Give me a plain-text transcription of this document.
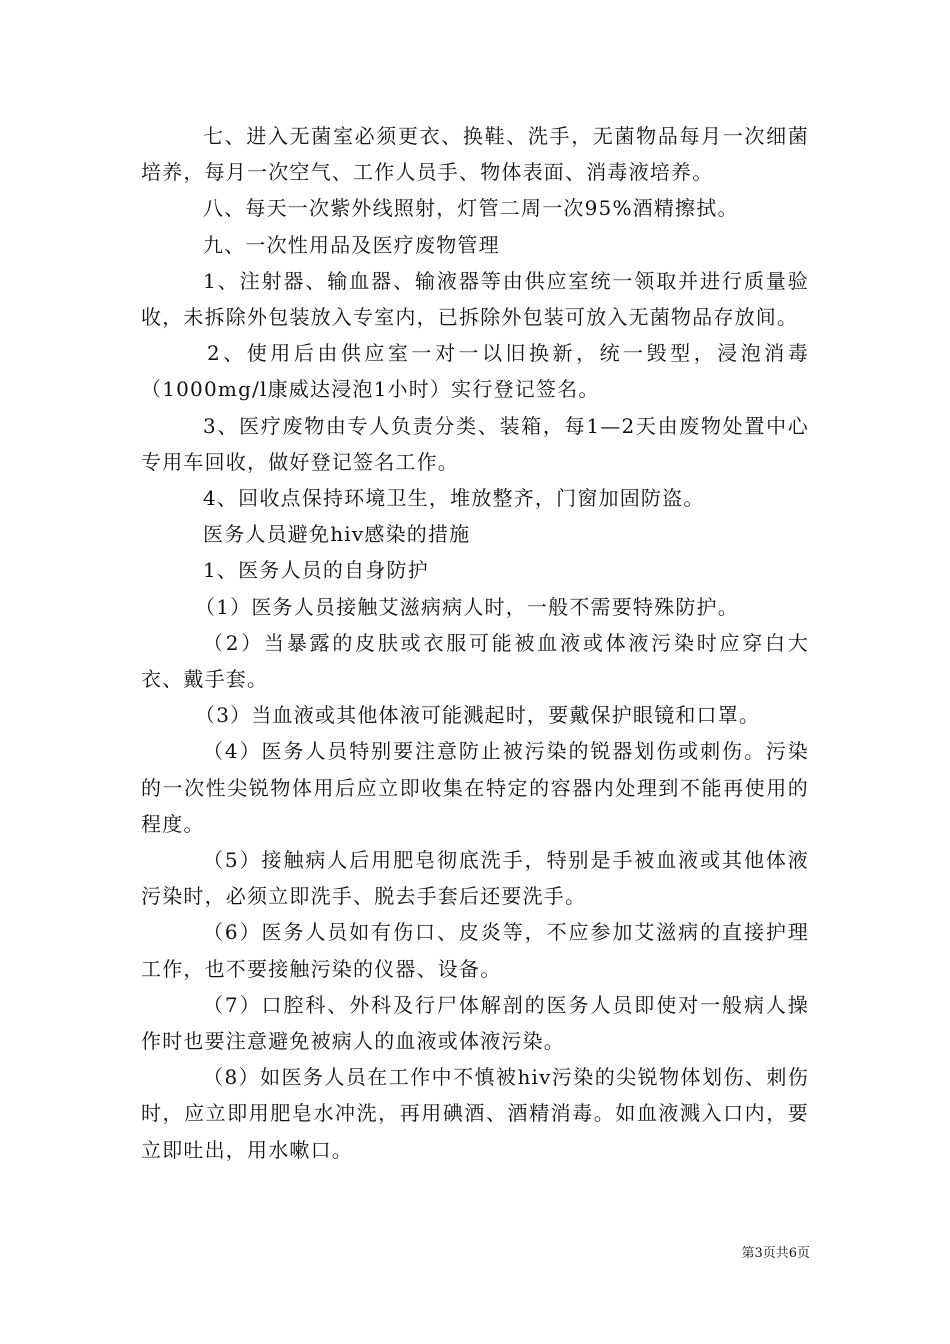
七、进入无菌室必须更衣、换鞋、洗手，无菌物品每月一次细菌培养，每月一次空气、工作人员手、物体表面、消毒液培养。

八、每天一次紫外线照射，灯管二周一次95%酒精擦拭。

九、一次性用品及医疗废物管理

1、注射器、输血器、输液器等由供应室统一领取并进行质量验收，未拆除外包装放入专室内，已拆除外包装可放入无菌物品存放间。

2、使用后由供应室一对一以旧换新，统一毁型，浸泡消毒（1000mg/l康威达浸泡1小时）实行登记签名。

3、医疗废物由专人负责分类、装箱，每1—2天由废物处置中心专用车回收，做好登记签名工作。

4、回收点保持环境卫生，堆放整齐，门窗加固防盗。

医务人员避免hiv感染的措施

1、医务人员的自身防护

（1）医务人员接触艾滋病病人时，一般不需要特殊防护。

（2）当暴露的皮肤或衣服可能被血液或体液污染时应穿白大衣、戴手套。

（3）当血液或其他体液可能溅起时，要戴保护眼镜和口罩。

（4）医务人员特别要注意防止被污染的锐器划伤或刺伤。污染的一次性尖锐物体用后应立即收集在特定的容器内处理到不能再使用的程度。

（5）接触病人后用肥皂彻底洗手，特别是手被血液或其他体液污染时，必须立即洗手、脱去手套后还要洗手。

（6）医务人员如有伤口、皮炎等，不应参加艾滋病的直接护理工作，也不要接触污染的仪器、设备。

（7）口腔科、外科及行尸体解剖的医务人员即使对一般病人操作时也要注意避免被病人的血液或体液污染。

（8）如医务人员在工作中不慎被hiv污染的尖锐物体划伤、刺伤时，应立即用肥皂水冲洗，再用碘酒、酒精消毒。如血液溅入口内，要立即吐出，用水嗽口。

第3页共6页
